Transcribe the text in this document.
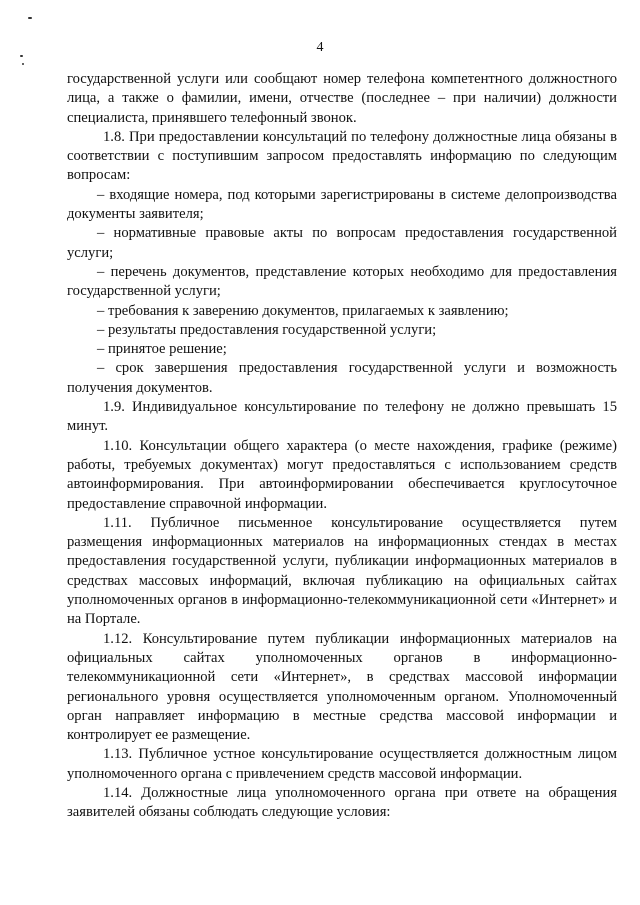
4

государственной услуги или сообщают номер телефона компетентного должностного лица, а также о фамилии, имени, отчестве (последнее – при наличии) должности специалиста, принявшего телефонный звонок.

1.8. При предоставлении консультаций по телефону должностные лица обязаны в соответствии с поступившим запросом предоставлять информацию по следующим вопросам:

– входящие номера, под которыми зарегистрированы в системе делопроизводства документы заявителя;

– нормативные правовые акты по вопросам предоставления государственной услуги;

– перечень документов, представление которых необходимо для предоставления государственной услуги;

– требования к заверению документов, прилагаемых к заявлению;

– результаты предоставления государственной услуги;

– принятое решение;

– срок завершения предоставления государственной услуги и возможность получения документов.

1.9. Индивидуальное консультирование по телефону не должно превышать 15 минут.

1.10. Консультации общего характера (о месте нахождения, графике (режиме) работы, требуемых документах) могут предоставляться с использованием средств автоинформирования. При автоинформировании обеспечивается круглосуточное предоставление справочной информации.

1.11. Публичное письменное консультирование осуществляется путем размещения информационных материалов на информационных стендах в местах предоставления государственной услуги, публикации информационных материалов в средствах массовых информаций, включая публикацию на официальных сайтах уполномоченных органов в информационно-телекоммуникационной сети «Интернет» и на Портале.

1.12. Консультирование путем публикации информационных материалов на официальных сайтах уполномоченных органов в информационно-телекоммуникационной сети «Интернет», в средствах массовой информации регионального уровня осуществляется уполномоченным органом. Уполномоченный орган направляет информацию в местные средства массовой информации и контролирует ее размещение.

1.13. Публичное устное консультирование осуществляется должностным лицом уполномоченного органа с привлечением средств массовой информации.

1.14. Должностные лица уполномоченного органа при ответе на обращения заявителей обязаны соблюдать следующие условия:
